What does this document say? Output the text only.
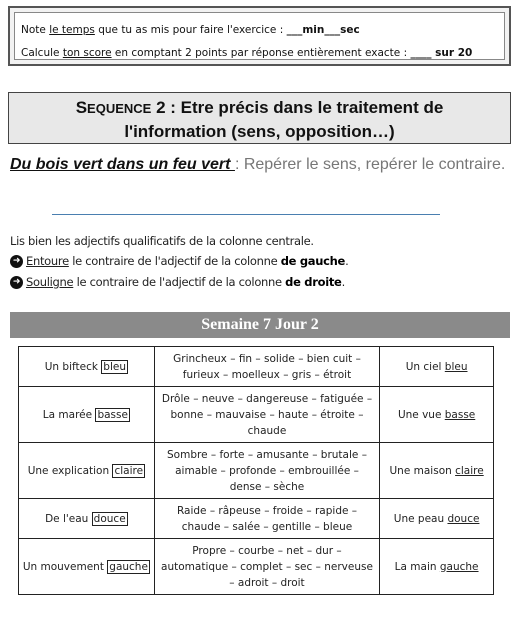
Note le temps que tu as mis pour faire l'exercice : ___min___sec
Calcule ton score en comptant 2 points par réponse entièrement exacte : ____ sur 20
SEQUENCE 2 : Etre précis dans le traitement de
l'information (sens, opposition…)
Du bois vert dans un feu vert : Repérer le sens, repérer le contraire.
Lis bien les adjectifs qualificatifs de la colonne centrale.
➜ Entoure le contraire de l'adjectif de la colonne de gauche.
➜ Souligne le contraire de l'adjectif de la colonne de droite.
Semaine 7 Jour 2
Un bifteck bleu	Grincheux – fin – solide – bien cuit –
furieux – moelleux – gris – étroit	Un ciel bleu
La marée basse	Drôle – neuve – dangereuse – fatiguée –
bonne – mauvaise – haute – étroite –
chaude	Une vue basse
Une explication claire	Sombre – forte – amusante – brutale –
aimable – profonde – embrouillée –
dense – sèche	Une maison claire
De l'eau douce	Raide – râpeuse – froide – rapide –
chaude – salée – gentille – bleue	Une peau douce
Un mouvement gauche	Propre – courbe – net – dur –
automatique – complet – sec – nerveuse
– adroit – droit	La main gauche
